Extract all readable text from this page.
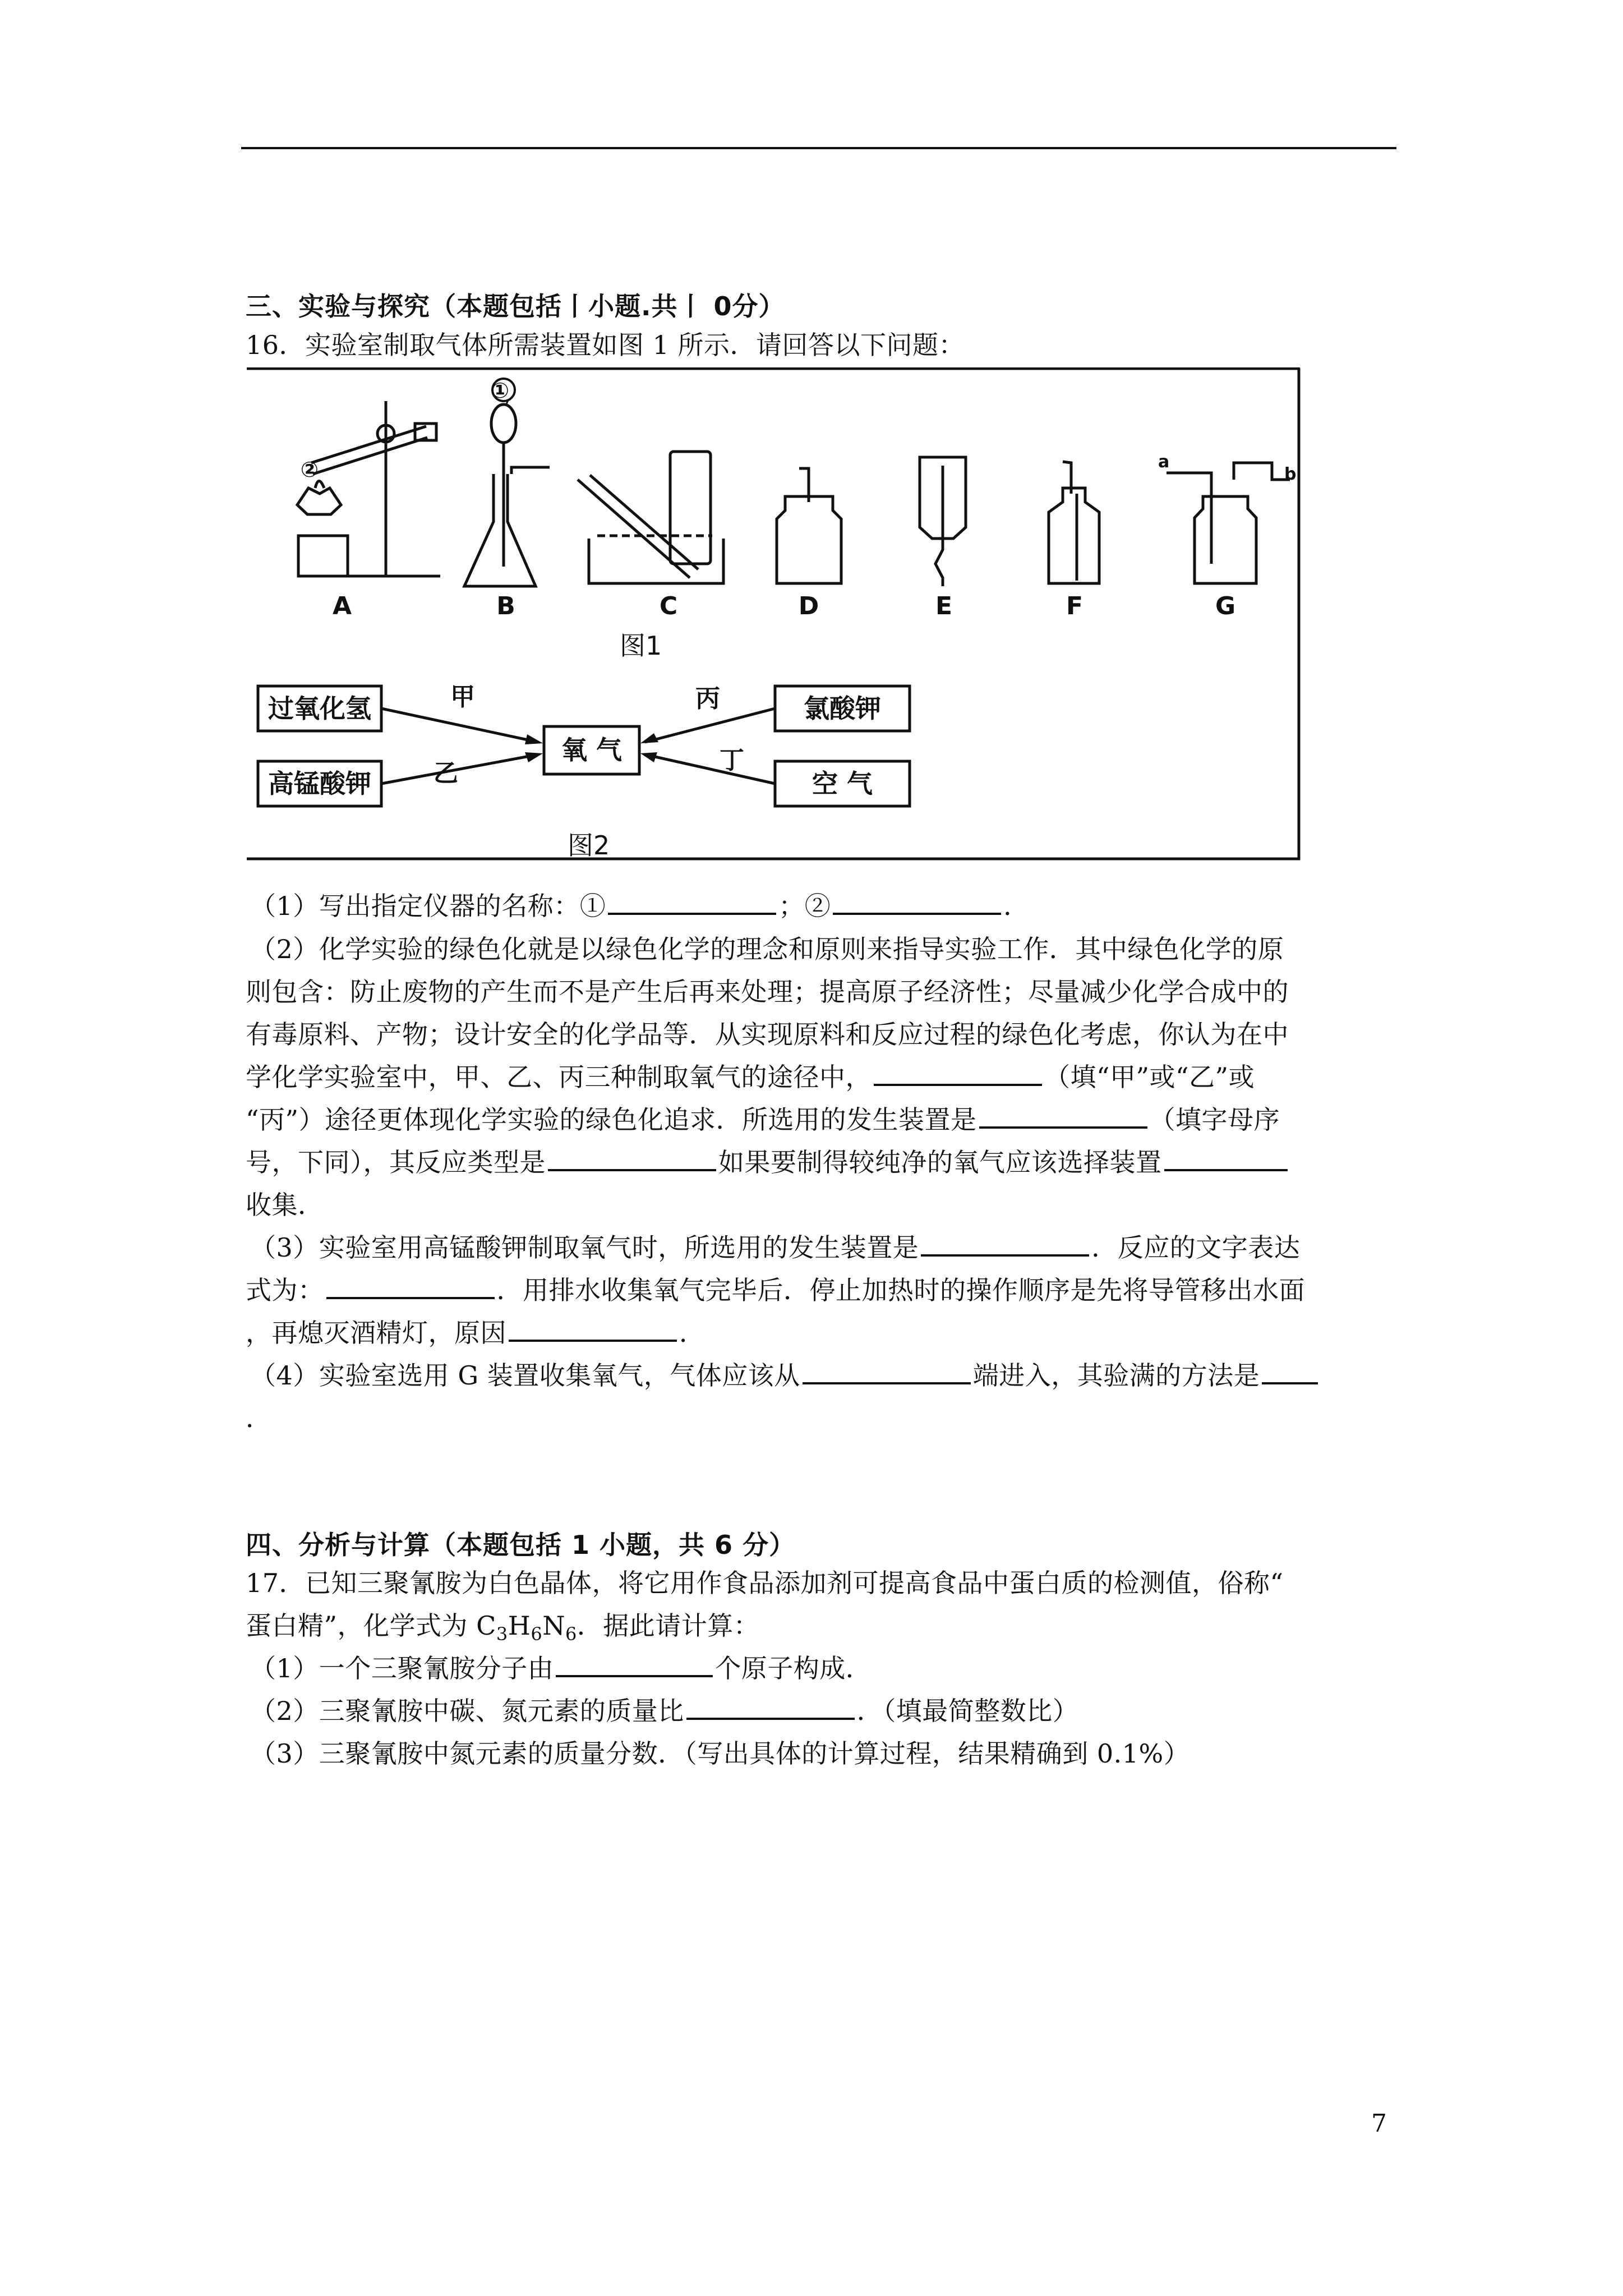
三、实验与探究（本题包括丨小题.共丨 0分）
16．实验室制取气体所需装置如图 1 所示．请回答以下问题：
A	B	C	D	E	F	G
①
②	a
b
图1
过氧化氢
高锰酸钾
氯酸钾
空 气
氧 气
甲
乙
丙
丁
图2
（1）写出指定仪器的名称：①	；②	．
（2）化学实验的绿色化就是以绿色化学的理念和原则来指导实验工作．其中绿色化学的原
则包含：防止废物的产生而不是产生后再来处理；提高原子经济性；尽量减少化学合成中的
有毒原料、产物；设计安全的化学品等．从实现原料和反应过程的绿色化考虑，你认为在中
学化学实验室中，甲、乙、丙三种制取氧气的途径中，	（填“甲”或“乙”或
“丙”）途径更体现化学实验的绿色化追求．所选用的发生装置是	（填字母序
号，下同），其反应类型是	如果要制得较纯净的氧气应该选择装置
收集．
（3）实验室用高锰酸钾制取氧气时，所选用的发生装置是	．反应的文字表达
式为：	．用排水收集氧气完毕后．停止加热时的操作顺序是先将导管移出水面
，再熄灭酒精灯，原因	．
（4）实验室选用 G 装置收集氧气，气体应该从	端进入，其验满的方法是
．
四、分析与计算（本题包括 1 小题，共 6 分）
17．已知三聚氰胺为白色晶体，将它用作食品添加剂可提高食品中蛋白质的检测值，俗称“
蛋白精”，化学式为 $C_3H_6N_6$．据此请计算：
（1）一个三聚氰胺分子由	个原子构成．
（2）三聚氰胺中碳、氮元素的质量比	．（填最简整数比）
（3）三聚氰胺中氮元素的质量分数．（写出具体的计算过程，结果精确到 0.1%）
7
